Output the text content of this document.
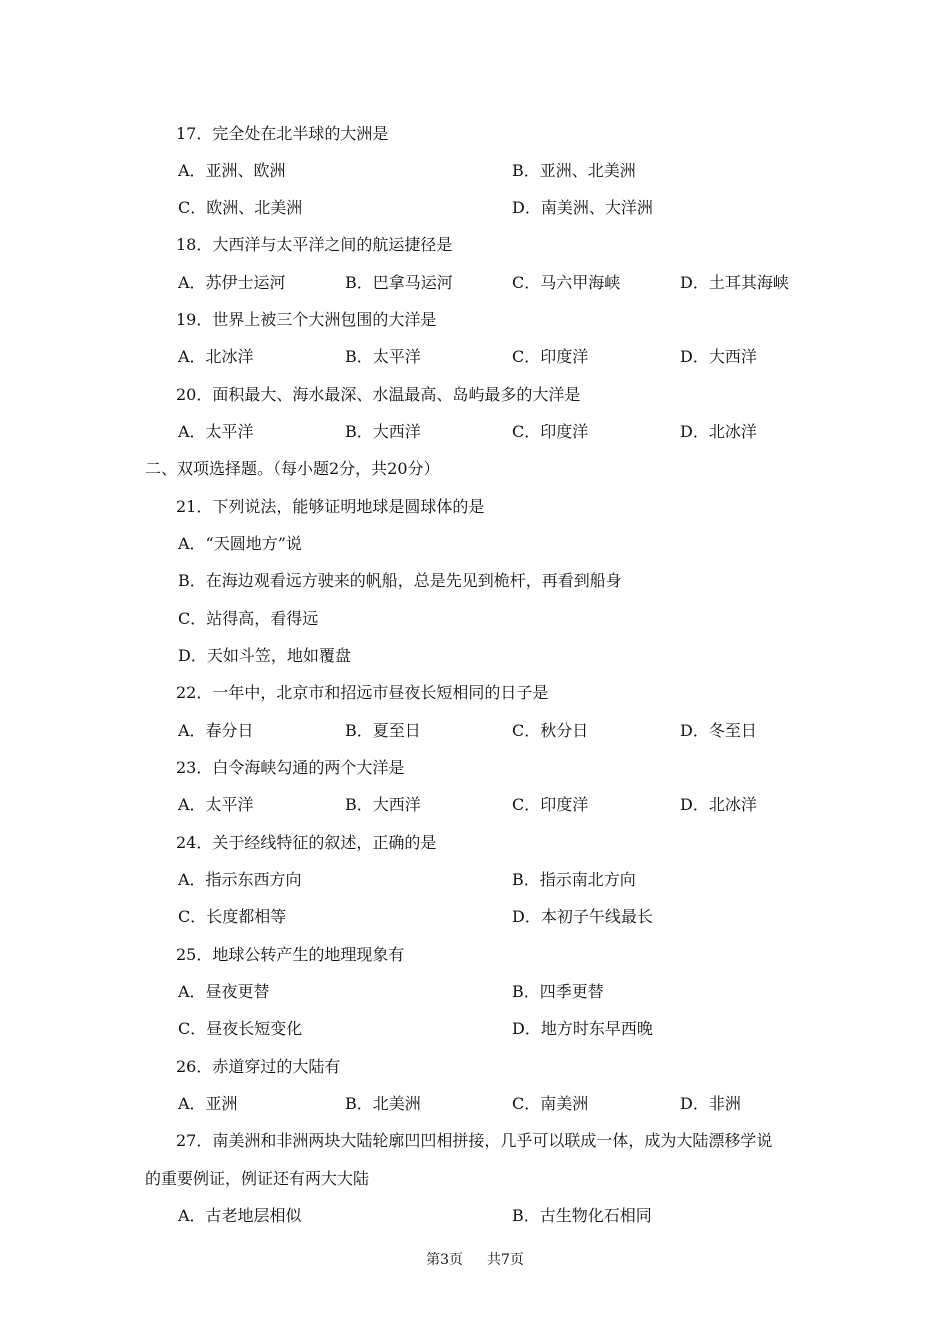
17．完全处在北半球的大洲是
A．亚洲、欧洲	B．亚洲、北美洲
C．欧洲、北美洲	D．南美洲、大洋洲
18．大西洋与太平洋之间的航运捷径是
A．苏伊士运河	B．巴拿马运河	C．马六甲海峡	D．土耳其海峡
19．世界上被三个大洲包围的大洋是
A．北冰洋	B．太平洋	C．印度洋	D．大西洋
20．面积最大、海水最深、水温最高、岛屿最多的大洋是
A．太平洋	B．大西洋	C．印度洋	D．北冰洋
二、双项选择题。（每小题2分，共20分）
21．下列说法，能够证明地球是圆球体的是
A．“天圆地方”说
B．在海边观看远方驶来的帆船，总是先见到桅杆，再看到船身
C．站得高，看得远
D．天如斗笠，地如覆盘
22．一年中，北京市和招远市昼夜长短相同的日子是
A．春分日	B．夏至日	C．秋分日	D．冬至日
23．白令海峡勾通的两个大洋是
A．太平洋	B．大西洋	C．印度洋	D．北冰洋
24．关于经线特征的叙述，正确的是
A．指示东西方向	B．指示南北方向
C．长度都相等	D．本初子午线最长
25．地球公转产生的地理现象有
A．昼夜更替	B．四季更替
C．昼夜长短变化	D．地方时东早西晚
26．赤道穿过的大陆有
A．亚洲	B．北美洲	C．南美洲	D．非洲
27．南美洲和非洲两块大陆轮廓凹凹相拼接，几乎可以联成一体，成为大陆漂移学说
的重要例证，例证还有两大大陆
A．古老地层相似	B．古生物化石相同
第3页 共7页
